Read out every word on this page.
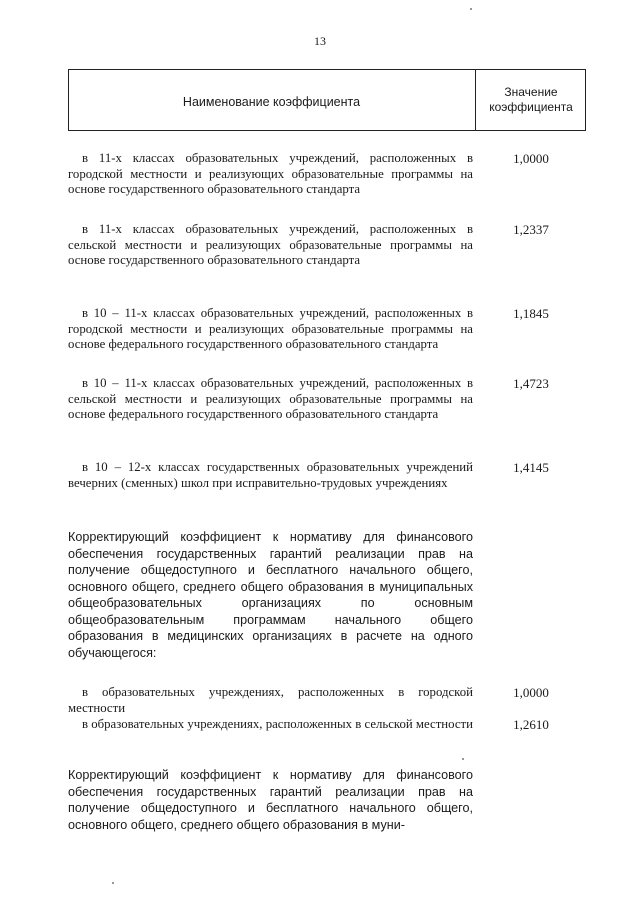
13
Наименование коэффициента
Значение
коэффициента
в 11-х классах образовательных учреждений, расположенных в городской местности и реализующих образовательные программы на основе государственного образовательного стандарта
1,0000
в 11-х классах образовательных учреждений, расположенных в сельской местности и реализующих образовательные программы на основе государственного образовательного стандарта
1,2337
в 10 – 11-х классах образовательных учреждений, расположенных в городской местности и реализующих образовательные программы на основе федерального государственного образовательного стандарта
1,1845
в 10 – 11-х классах образовательных учреждений, расположенных в сельской местности и реализующих образовательные программы на основе федерального государственного образовательного стандарта
1,4723
в 10 – 12-х классах государственных образовательных учреждений вечерних (сменных) школ при исправительно-трудовых учреждениях
1,4145
Корректирующий коэффициент к нормативу для финансового обеспечения государственных гарантий реализации прав на получение общедоступного и бесплатного начального общего, основного общего, среднего общего образования в муниципальных общеобразовательных организациях по основным общеобразовательным программам начального общего образования в медицинских организациях в расчете на одного обучающегося:
в образовательных учреждениях, расположенных в городской местности
1,0000
в образовательных учреждениях, расположенных в сельской местности	1,2610
Корректирующий коэффициент к нормативу для финансового обеспечения государственных гарантий реализации прав на получение общедоступного и бесплатного начального общего, основного общего, среднего общего образования в муни-
